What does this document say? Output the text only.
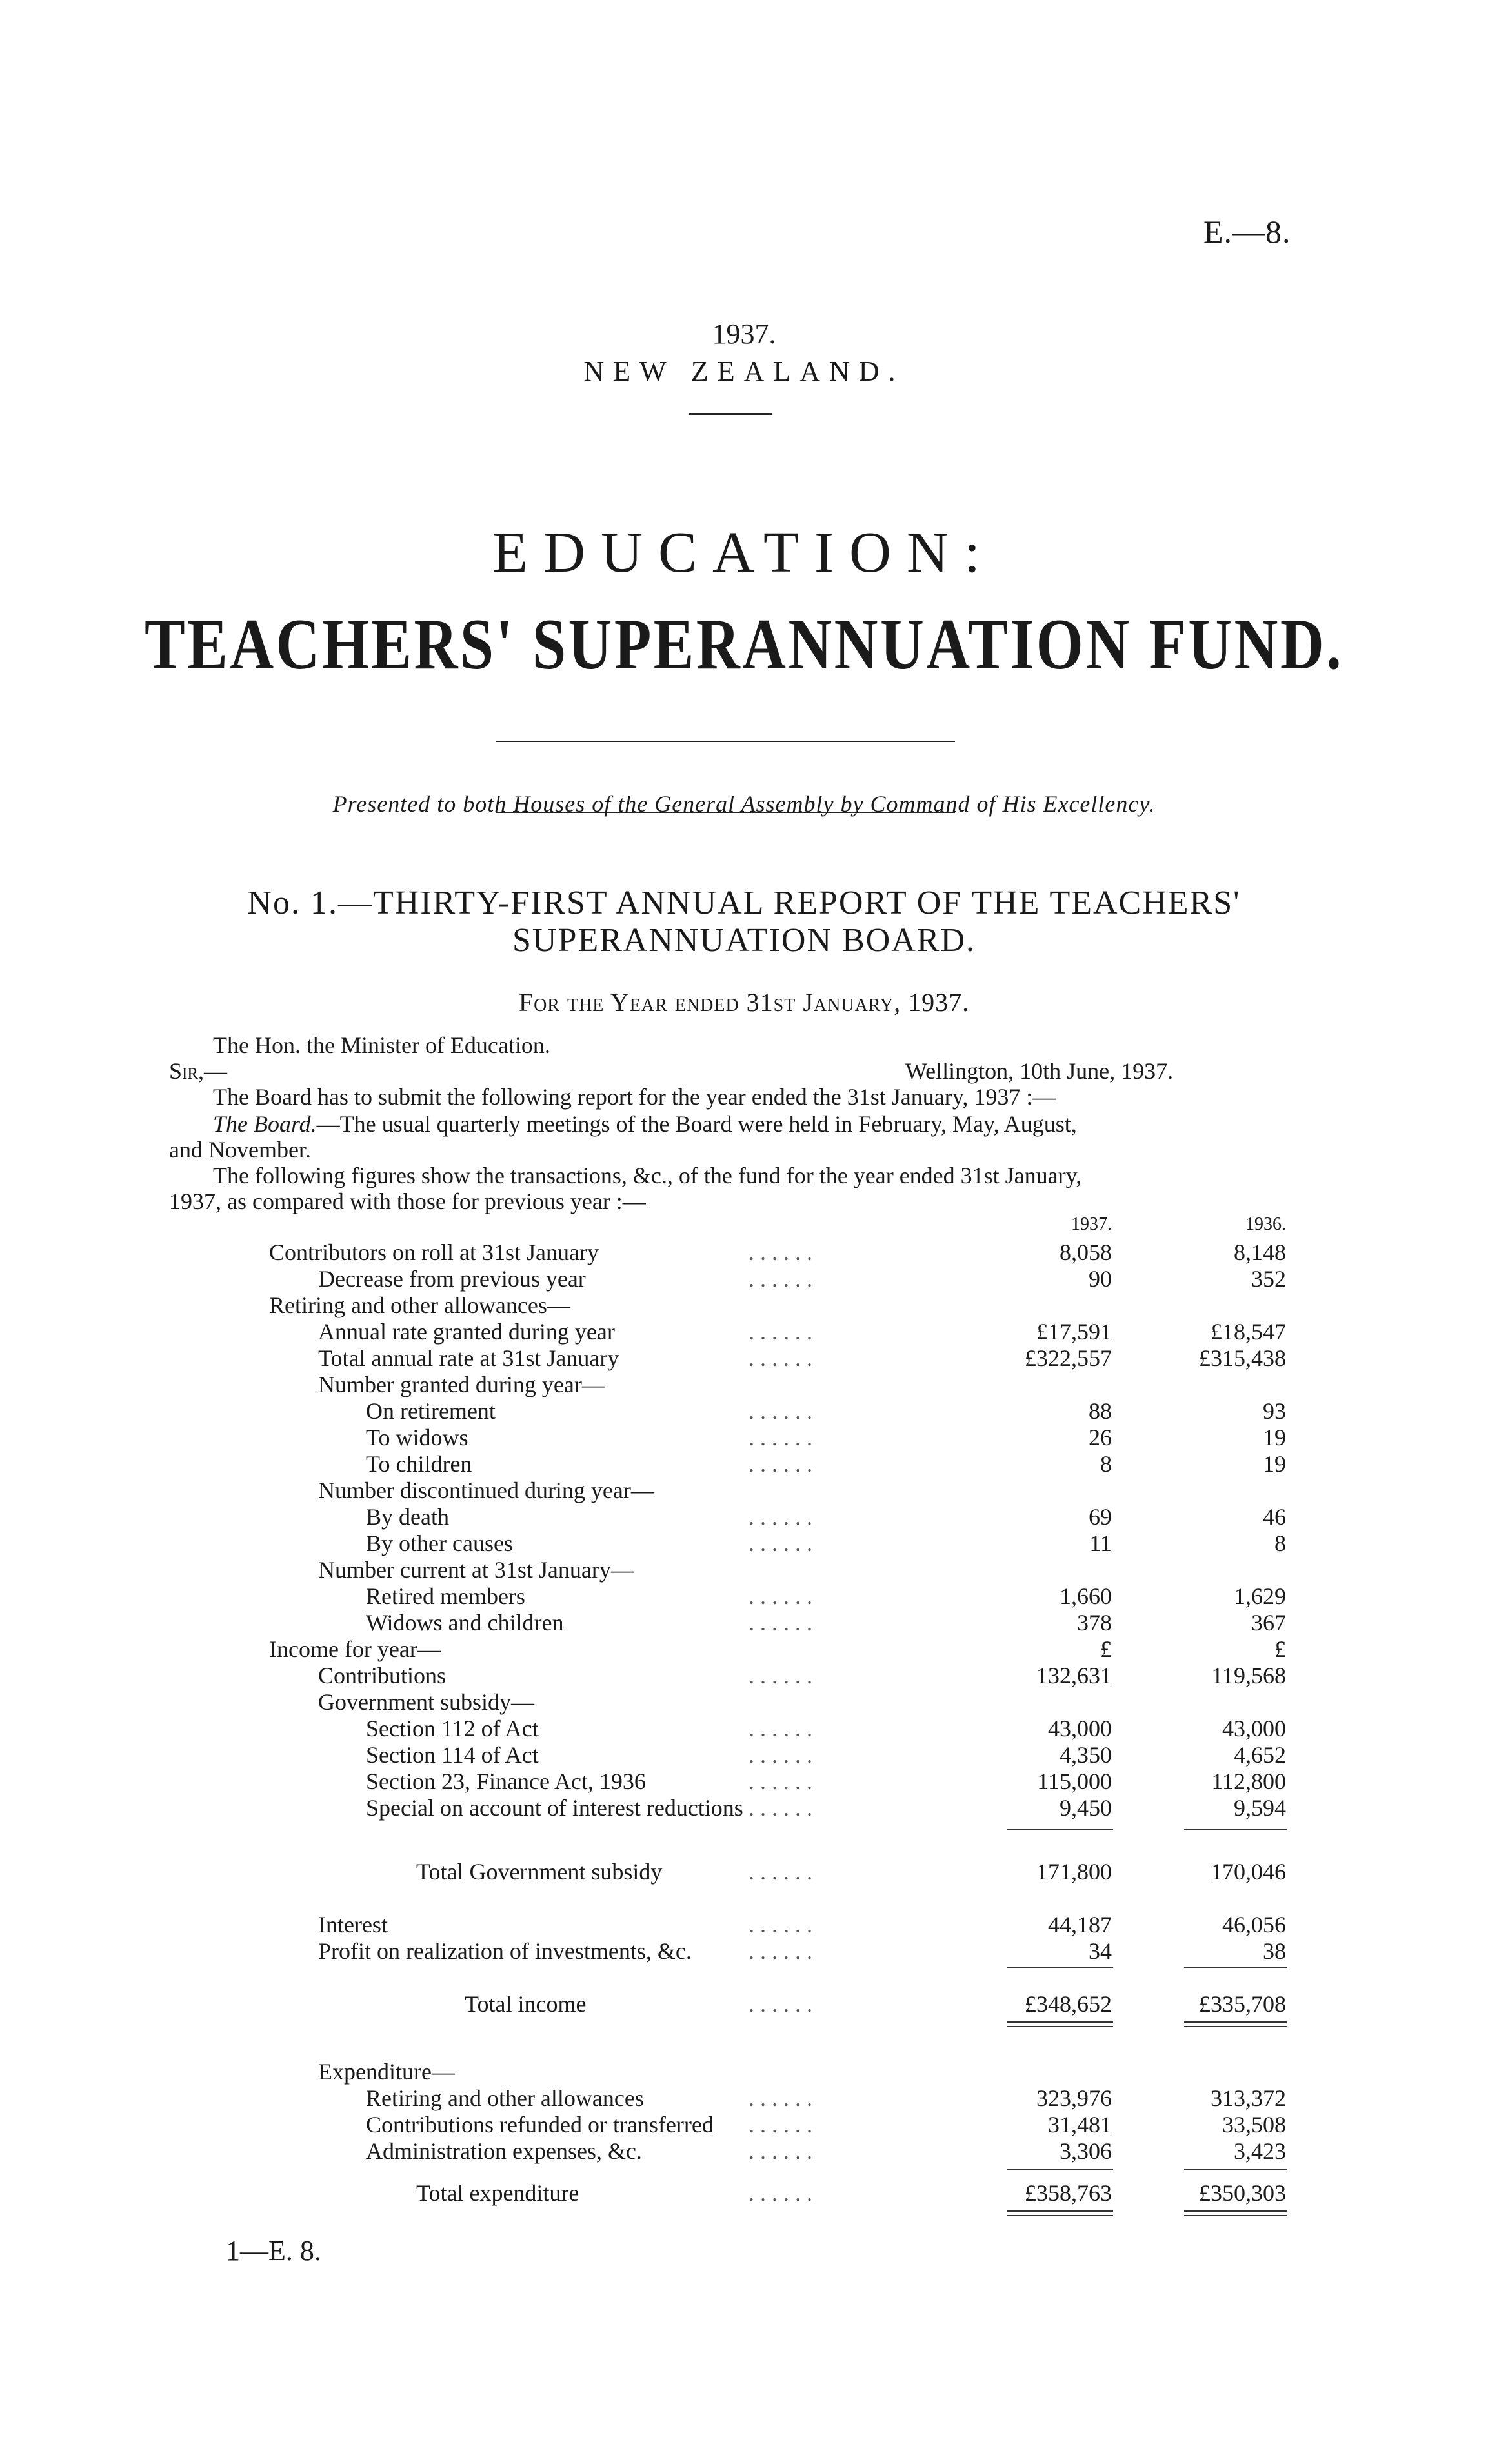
E.—8.
1937.
NEW ZEALAND.
EDUCATION:
TEACHERS' SUPERANNUATION FUND.
Presented to both Houses of the General Assembly by Command of His Excellency.
No. 1.—THIRTY-FIRST ANNUAL REPORT OF THE TEACHERS'
SUPERANNUATION BOARD.
For the Year ended 31st January, 1937.
The Hon. the Minister of Education.
Sir,—	Wellington, 10th June, 1937.
The Board has to submit the following report for the year ended the 31st January, 1937 :—
The Board. —The usual quarterly meetings of the Board were held in February, May, August,
and November.
The following figures show the transactions, &c., of the fund for the year ended 31st January,
1937, as compared with those for previous year :—
1937.	1936.
Contributors on roll at 31st January	. . . . . .	8,058	8,148
Decrease from previous year	. . . . . .	90	352
Retiring and other allowances—
Annual rate granted during year	. . . . . .	£17,591	£18,547
Total annual rate at 31st January	. . . . . .	£322,557	£315,438
Number granted during year—
On retirement	. . . . . .	88	93
To widows	. . . . . .	26	19
To children	. . . . . .	8	19
Number discontinued during year—
By death	. . . . . .	69	46
By other causes	. . . . . .	11	8
Number current at 31st January—
Retired members	. . . . . .	1,660	1,629
Widows and children	. . . . . .	378	367
Income for year—	£	£
Contributions	. . . . . .	132,631	119,568
Government subsidy—
Section 112 of Act	. . . . . .	43,000	43,000
Section 114 of Act	. . . . . .	4,350	4,652
Section 23, Finance Act, 1936	. . . . . .	115,000	112,800
Special on account of interest reductions . . . . . .	9,450	9,594
Total Government subsidy	. . . . . .	171,800	170,046
Interest	. . . . . .	44,187	46,056
Profit on realization of investments, &c. . . . . . .	34	38
Total income	. . . . . .	£348,652	£335,708
Expenditure—
Retiring and other allowances	. . . . . .	323,976	313,372
Contributions refunded or transferred . . . . . .	31,481	33,508
Administration expenses, &c.	. . . . . .	3,306	3,423
Total expenditure	. . . . . .	£358,763	£350,303
1—E. 8.
